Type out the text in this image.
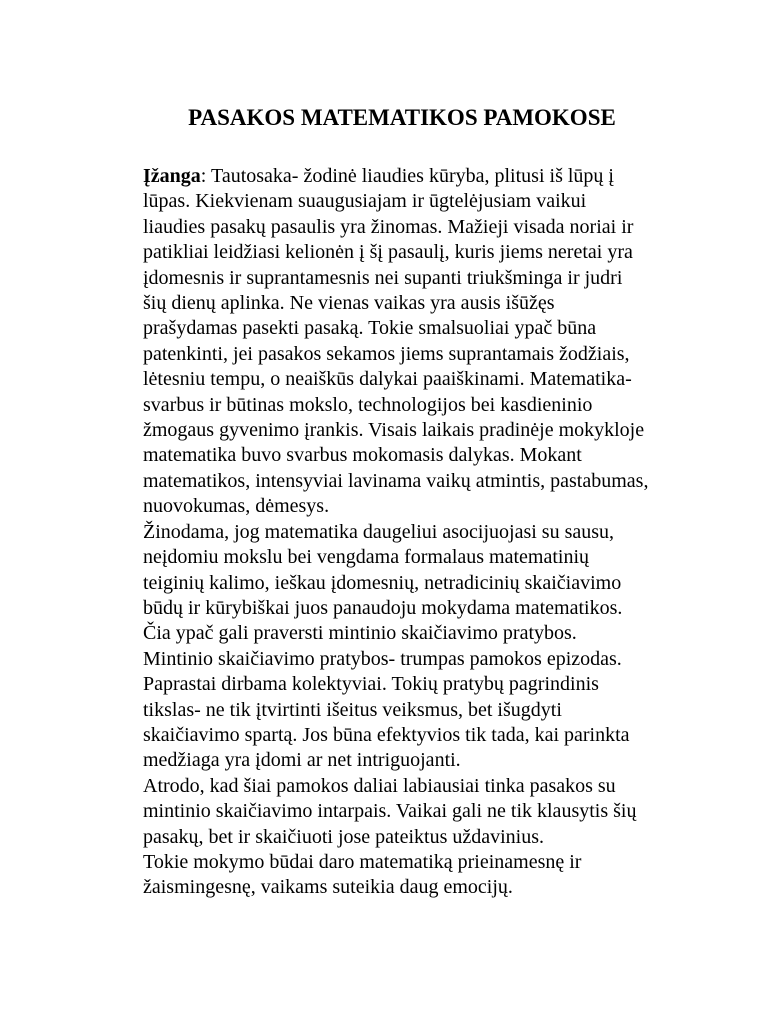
PASAKOS MATEMATIKOS PAMOKOSE
Įžanga: Tautosaka- žodinė liaudies kūryba, plitusi iš lūpų į
lūpas. Kiekvienam suaugusiajam ir ūgtelėjusiam vaikui
liaudies pasakų pasaulis yra žinomas. Mažieji visada noriai ir
patikliai leidžiasi kelionėn į šį pasaulį, kuris jiems neretai yra
įdomesnis ir suprantamesnis nei supanti triukšminga ir judri
šių dienų aplinka. Ne vienas vaikas yra ausis išūžęs
prašydamas pasekti pasaką. Tokie smalsuoliai ypač būna
patenkinti, jei pasakos sekamos jiems suprantamais žodžiais,
lėtesniu tempu, o neaiškūs dalykai paaiškinami. Matematika-
svarbus ir būtinas mokslo, technologijos bei kasdieninio
žmogaus gyvenimo įrankis. Visais laikais pradinėje mokykloje
matematika buvo svarbus mokomasis dalykas. Mokant
matematikos, intensyviai lavinama vaikų atmintis, pastabumas,
nuovokumas, dėmesys.
Žinodama, jog matematika daugeliui asocijuojasi su sausu,
neįdomiu mokslu bei vengdama formalaus matematinių
teiginių kalimo, ieškau įdomesnių, netradicinių skaičiavimo
būdų ir kūrybiškai juos panaudoju mokydama matematikos.
Čia ypač gali praversti mintinio skaičiavimo pratybos.
Mintinio skaičiavimo pratybos- trumpas pamokos epizodas.
Paprastai dirbama kolektyviai. Tokių pratybų pagrindinis
tikslas- ne tik įtvirtinti išeitus veiksmus, bet išugdyti
skaičiavimo spartą. Jos būna efektyvios tik tada, kai parinkta
medžiaga yra įdomi ar net intriguojanti.
Atrodo, kad šiai pamokos daliai labiausiai tinka pasakos su
mintinio skaičiavimo intarpais. Vaikai gali ne tik klausytis šių
pasakų, bet ir skaičiuoti jose pateiktus uždavinius.
Tokie mokymo būdai daro matematiką prieinamesnę ir
žaismingesnę, vaikams suteikia daug emocijų.
